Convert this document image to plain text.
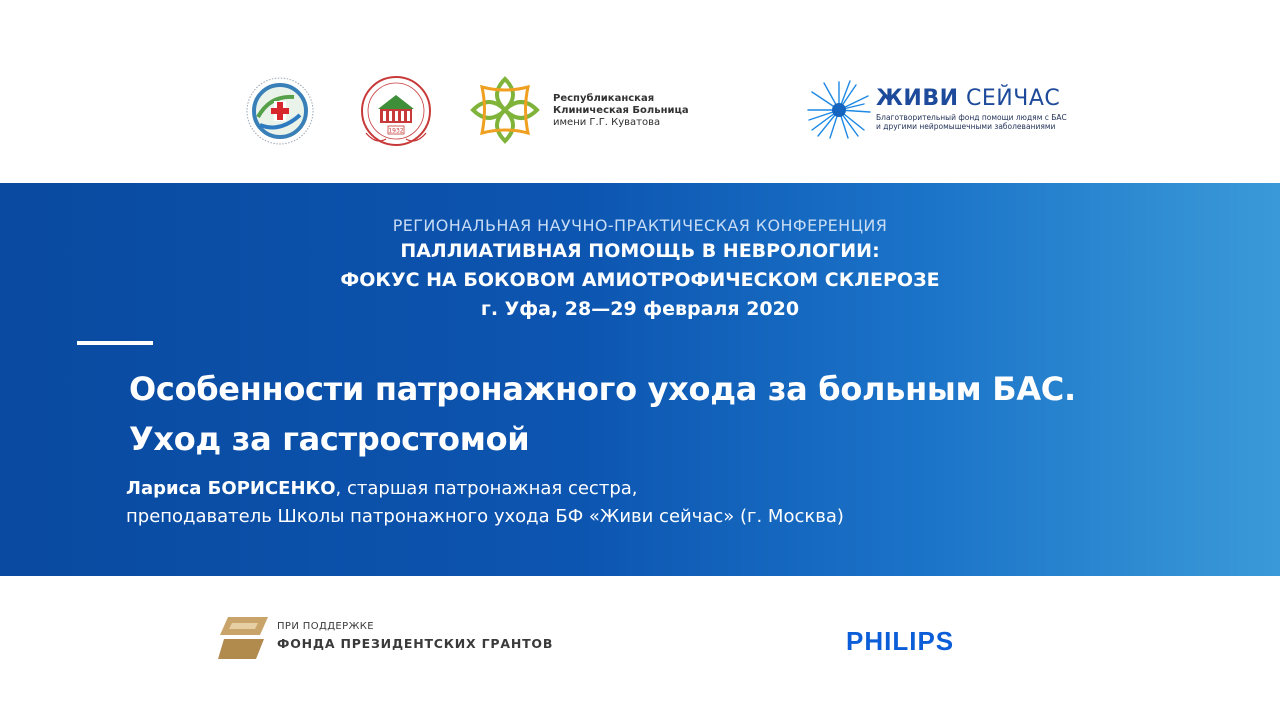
1932
Республиканская
Клиническая Больница
имени Г.Г. Куватова
ЖИВИ СЕЙЧАС
Благотворительный фонд помощи людям с БАС
и другими нейромышечными заболеваниями
РЕГИОНАЛЬНАЯ НАУЧНО-ПРАКТИЧЕСКАЯ КОНФЕРЕНЦИЯ
ПАЛЛИАТИВНАЯ ПОМОЩЬ В НЕВРОЛОГИИ:
ФОКУС НА БОКОВОМ АМИОТРОФИЧЕСКОМ СКЛЕРОЗЕ
г. Уфа, 28—29 февраля 2020
Особенности патронажного ухода за больным БАС.
Уход за гастростомой
Лариса БОРИСЕНКО, старшая патронажная сестра,
преподаватель Школы патронажного ухода БФ «Живи сейчас» (г. Москва)
ПРИ ПОДДЕРЖКЕ
ФОНДА ПРЕЗИДЕНТСКИХ ГРАНТОВ	PHILIPS
